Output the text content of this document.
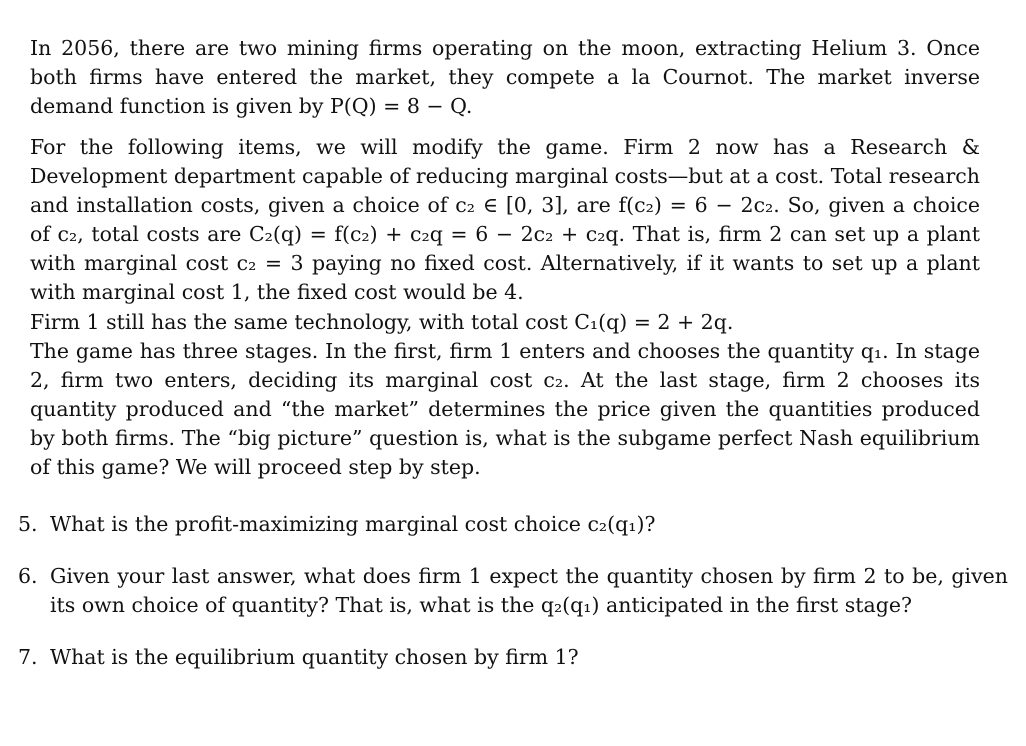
In 2056, there are two mining firms operating on the moon, extracting Helium 3. Once both firms have entered the market, they compete a la Cournot. The market inverse demand function is given by P(Q) = 8 − Q.

For the following items, we will modify the game. Firm 2 now has a Research & Development department capable of reducing marginal costs—but at a cost. Total research and installation costs, given a choice of c₂ ∈ [0, 3], are f(c₂) = 6 − 2c₂. So, given a choice of c₂, total costs are C₂(q) = f(c₂) + c₂q = 6 − 2c₂ + c₂q. That is, firm 2 can set up a plant with marginal cost c₂ = 3 paying no fixed cost. Alternatively, if it wants to set up a plant with marginal cost 1, the fixed cost would be 4.

Firm 1 still has the same technology, with total cost C₁(q) = 2 + 2q.

The game has three stages. In the first, firm 1 enters and chooses the quantity q₁. In stage 2, firm two enters, deciding its marginal cost c₂. At the last stage, firm 2 chooses its quantity produced and “the market” determines the price given the quantities produced by both firms. The “big picture” question is, what is the subgame perfect Nash equilibrium of this game? We will proceed step by step.

5. What is the profit-maximizing marginal cost choice c₂(q₁)?
6. Given your last answer, what does firm 1 expect the quantity chosen by firm 2 to be, given its own choice of quantity? That is, what is the q₂(q₁) anticipated in the first stage?
7. What is the equilibrium quantity chosen by firm 1?
